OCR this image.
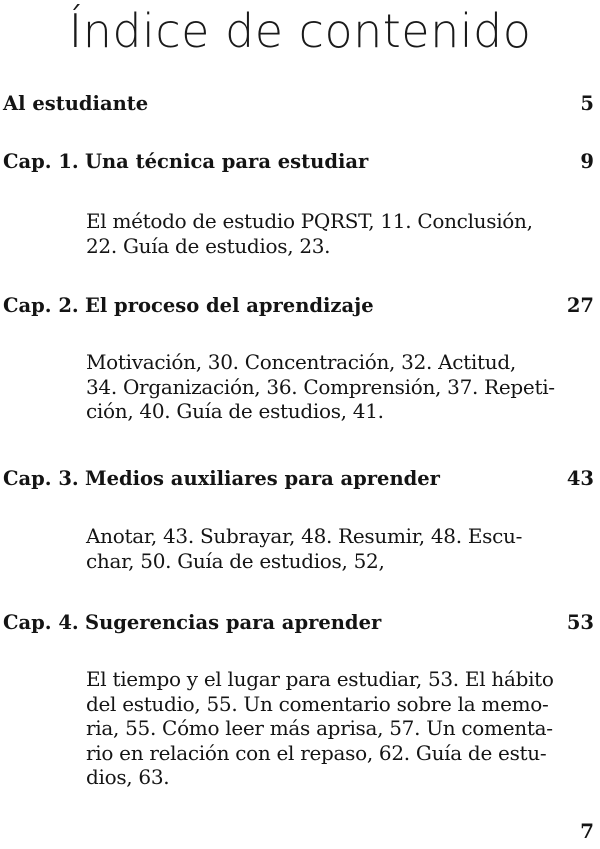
Índice de contenido
Al estudiante	5
Cap. 1. Una técnica para estudiar	9
El método de estudio PQRST, 11. Conclusión,
22. Guía de estudios, 23.
Cap. 2. El proceso del aprendizaje	27
Motivación, 30. Concentración, 32. Actitud,
34. Organización, 36. Comprensión, 37. Repeti-
ción, 40. Guía de estudios, 41.
Cap. 3. Medios auxiliares para aprender	43
Anotar, 43. Subrayar, 48. Resumir, 48. Escu-
char, 50. Guía de estudios, 52,
Cap. 4. Sugerencias para aprender	53
El tiempo y el lugar para estudiar, 53. El hábito
del estudio, 55. Un comentario sobre la memo-
ria, 55. Cómo leer más aprisa, 57. Un comenta-
rio en relación con el repaso, 62. Guía de estu-
dios, 63.
7
